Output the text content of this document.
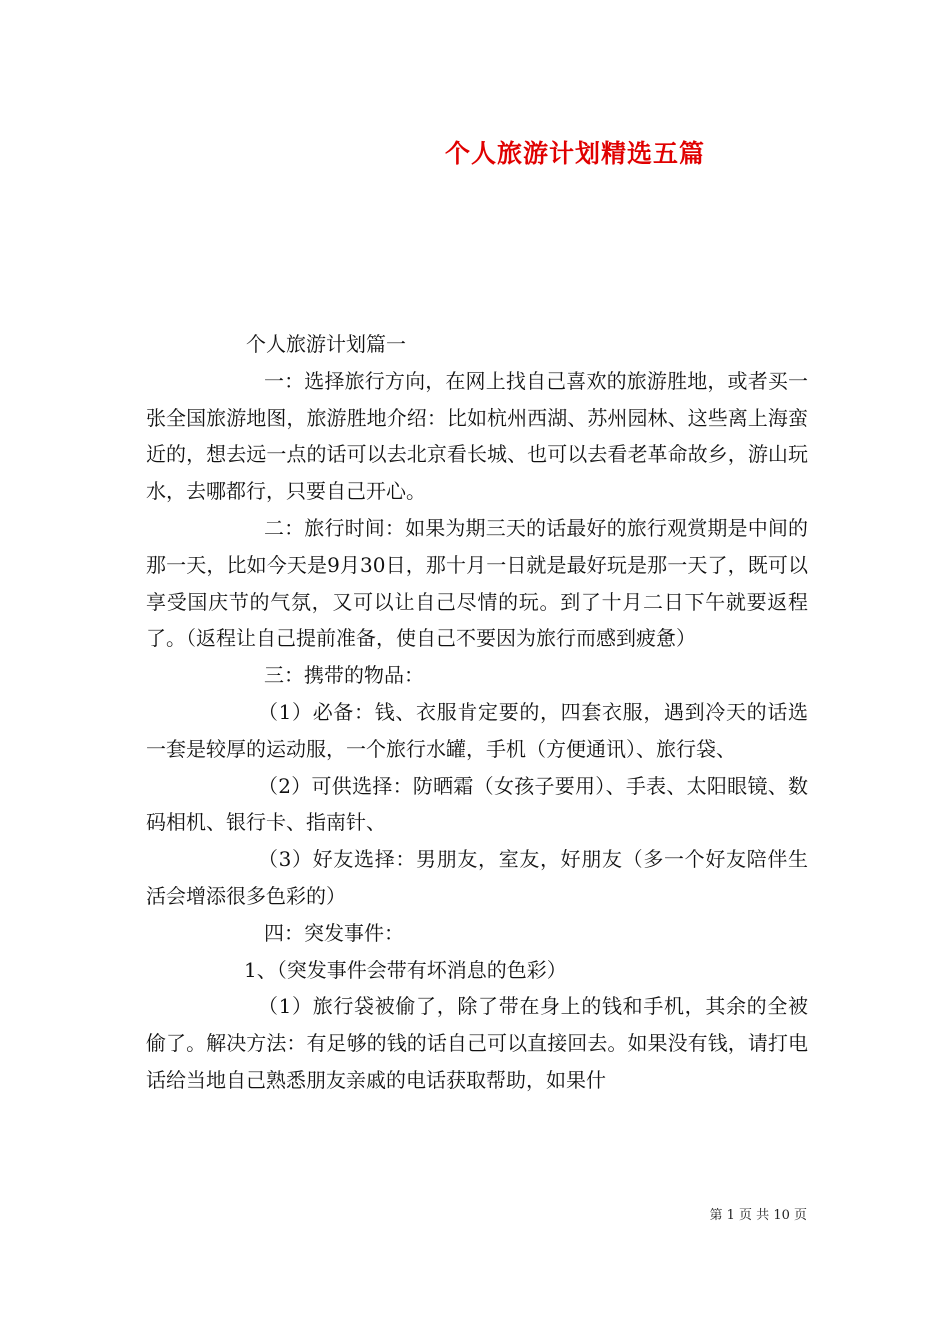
个人旅游计划精选五篇

个人旅游计划篇一

一：选择旅行方向，在网上找自己喜欢的旅游胜地，或者买一张全国旅游地图，旅游胜地介绍：比如杭州西湖、苏州园林、这些离上海蛮近的，想去远一点的话可以去北京看长城、也可以去看老革命故乡，游山玩水，去哪都行，只要自己开心。

二：旅行时间：如果为期三天的话最好的旅行观赏期是中间的那一天，比如今天是9月30日，那十月一日就是最好玩是那一天了，既可以享受国庆节的气氛，又可以让自己尽情的玩。到了十月二日下午就要返程了。（返程让自己提前准备，使自己不要因为旅行而感到疲惫）

三：携带的物品：

（1）必备：钱、衣服肯定要的，四套衣服，遇到冷天的话选一套是较厚的运动服，一个旅行水罐，手机（方便通讯）、旅行袋、

（2）可供选择：防晒霜（女孩子要用）、手表、太阳眼镜、数码相机、银行卡、指南针、

（3）好友选择：男朋友，室友，好朋友（多一个好友陪伴生活会增添很多色彩的）

四：突发事件：

1、（突发事件会带有坏消息的色彩）

（1）旅行袋被偷了，除了带在身上的钱和手机，其余的全被偷了。解决方法：有足够的钱的话自己可以直接回去。如果没有钱，请打电话给当地自己熟悉朋友亲戚的电话获取帮助，如果什

第 1 页 共 10 页
